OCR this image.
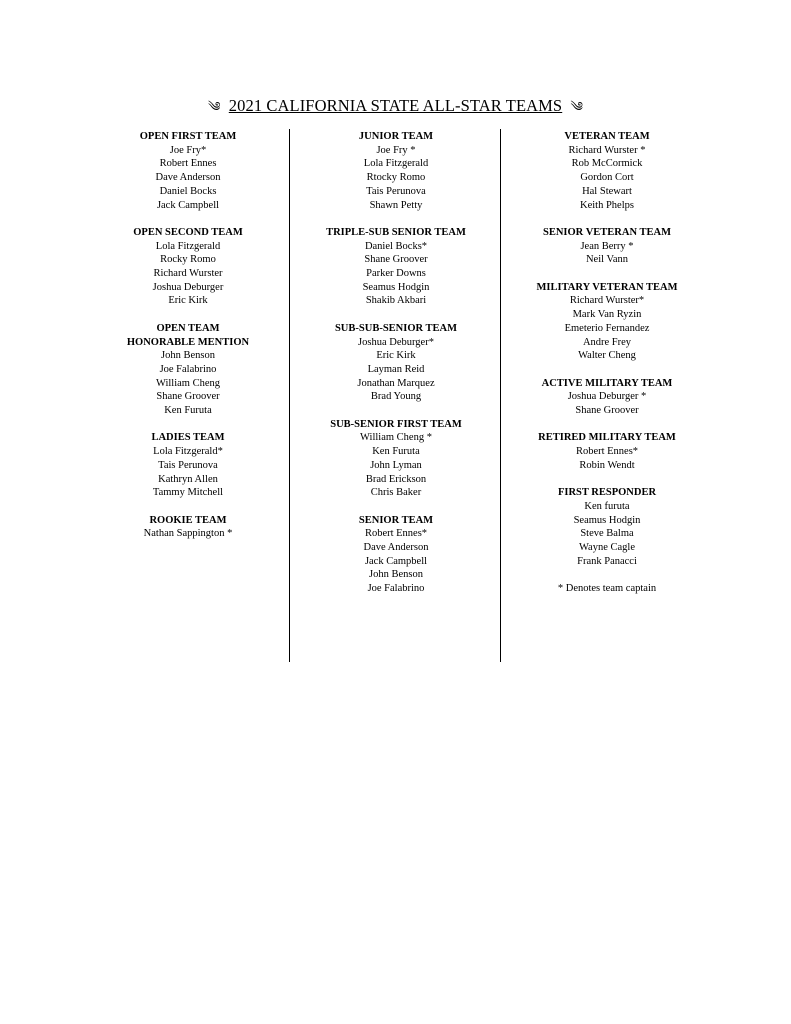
༄ 2021 CALIFORNIA STATE ALL-STAR TEAMS ༄
OPEN FIRST TEAM
Joe Fry*
Robert Ennes
Dave Anderson
Daniel Bocks
Jack Campbell
OPEN SECOND TEAM
Lola Fitzgerald
Rocky Romo
Richard Wurster
Joshua Deburger
Eric Kirk
OPEN TEAM
HONORABLE MENTION
John Benson
Joe Falabrino
William Cheng
Shane Groover
Ken Furuta
LADIES TEAM
Lola Fitzgerald*
Tais Perunova
Kathryn Allen
Tammy Mitchell
ROOKIE TEAM
Nathan Sappington *
JUNIOR TEAM
Joe Fry *
Lola Fitzgerald
Rtocky Romo
Tais Perunova
Shawn Petty
TRIPLE-SUB SENIOR TEAM
Daniel Bocks*
Shane Groover
Parker Downs
Seamus Hodgin
Shakib Akbari
SUB-SUB-SENIOR TEAM
Joshua Deburger*
Eric Kirk
Layman Reid
Jonathan Marquez
Brad Young
SUB-SENIOR FIRST TEAM
William Cheng *
Ken Furuta
John Lyman
Brad Erickson
Chris Baker
SENIOR TEAM
Robert Ennes*
Dave Anderson
Jack Campbell
John Benson
Joe Falabrino
VETERAN TEAM
Richard Wurster *
Rob McCormick
Gordon Cort
Hal Stewart
Keith Phelps
SENIOR VETERAN TEAM
Jean Berry *
Neil Vann
MILITARY VETERAN TEAM
Richard Wurster*
Mark Van Ryzin
Emeterio Fernandez
Andre Frey
Walter Cheng
ACTIVE MILITARY TEAM
Joshua Deburger *
Shane Groover
RETIRED MILITARY TEAM
Robert Ennes*
Robin Wendt
FIRST RESPONDER
Ken furuta
Seamus Hodgin
Steve Balma
Wayne Cagle
Frank Panacci
* Denotes team captain
